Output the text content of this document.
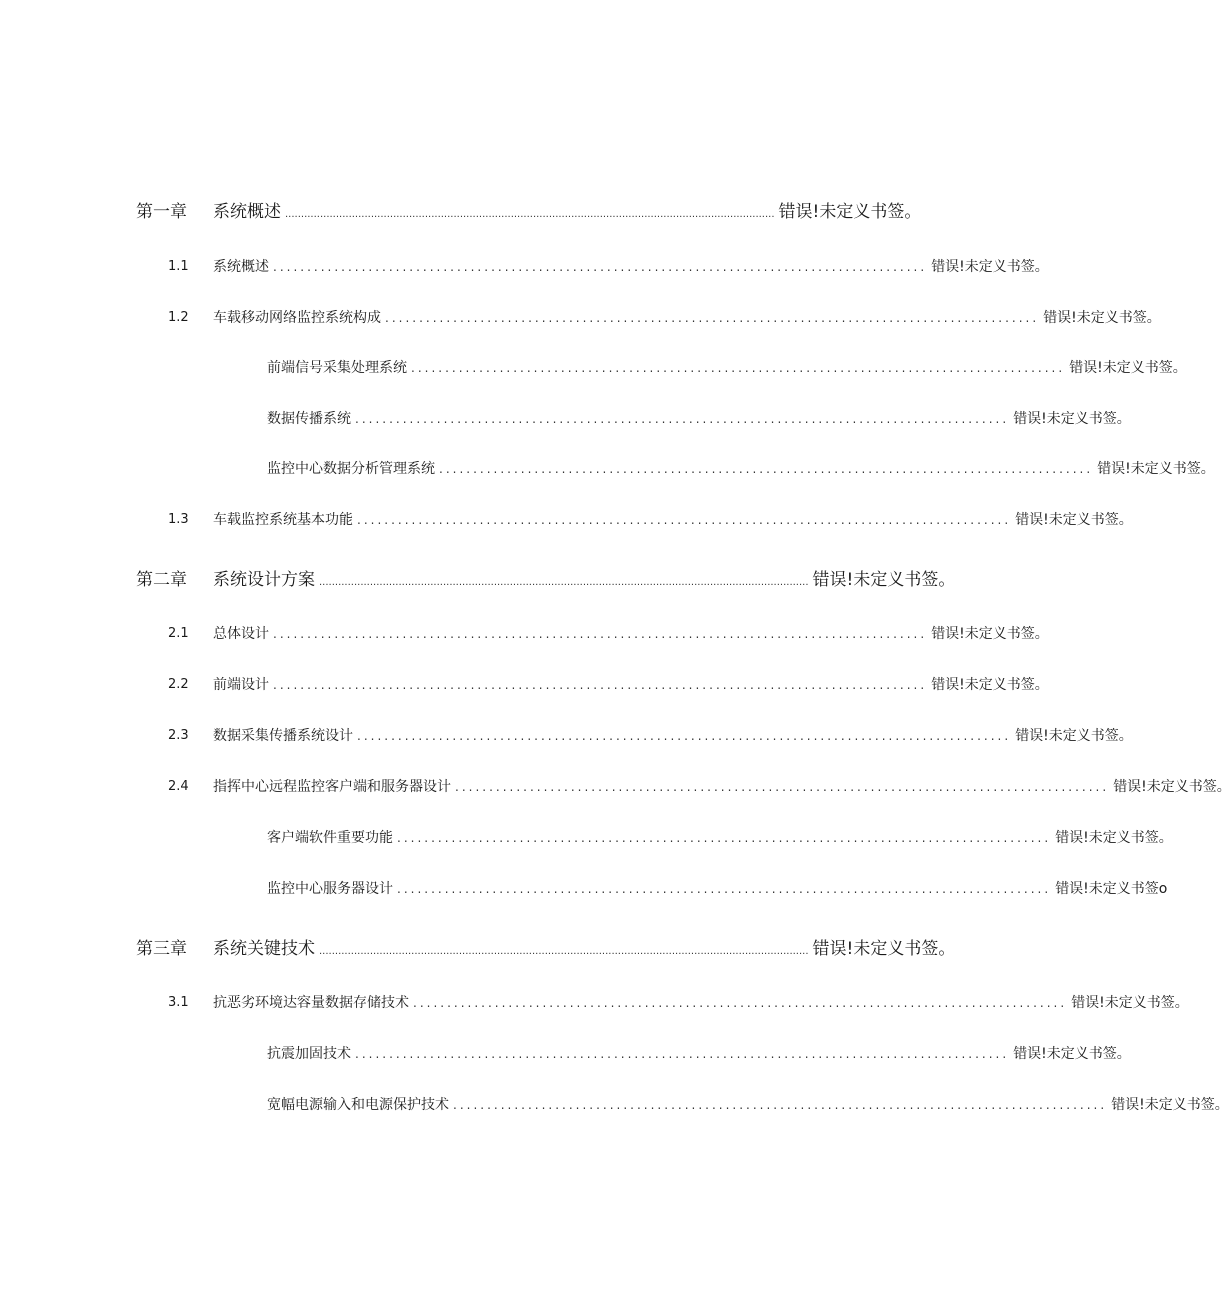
第一章	系统概述 .......................................................................................................................................................... 错误!未定义书签。
1.1	系统概述 ................................................................................................ 错误!未定义书签。
1.2	车载移动网络监控系统构成 ................................................................................................ 错误!未定义书签。
前端信号采集处理系统 ................................................................................................ 错误!未定义书签。
数据传播系统 ................................................................................................ 错误!未定义书签。
监控中心数据分析管理系统 ................................................................................................ 错误!未定义书签。
1.3	车载监控系统基本功能 ................................................................................................ 错误!未定义书签。
第二章	系统设计方案 .......................................................................................................................................................... 错误!未定义书签。
2.1	总体设计 ................................................................................................ 错误!未定义书签。
2.2	前端设计 ................................................................................................ 错误!未定义书签。
2.3	数据采集传播系统设计 ................................................................................................ 错误!未定义书签。
2.4	指挥中心远程监控客户端和服务器设计 ................................................................................................ 错误!未定义书签。
客户端软件重要功能 ................................................................................................ 错误!未定义书签。
监控中心服务器设计 ................................................................................................ 错误!未定义书签o
第三章	系统关键技术 .......................................................................................................................................................... 错误!未定义书签。
3.1	抗恶劣环境达容量数据存储技术 ................................................................................................ 错误!未定义书签。
抗震加固技术 ................................................................................................ 错误!未定义书签。
宽幅电源输入和电源保护技术 ................................................................................................ 错误!未定义书签。
